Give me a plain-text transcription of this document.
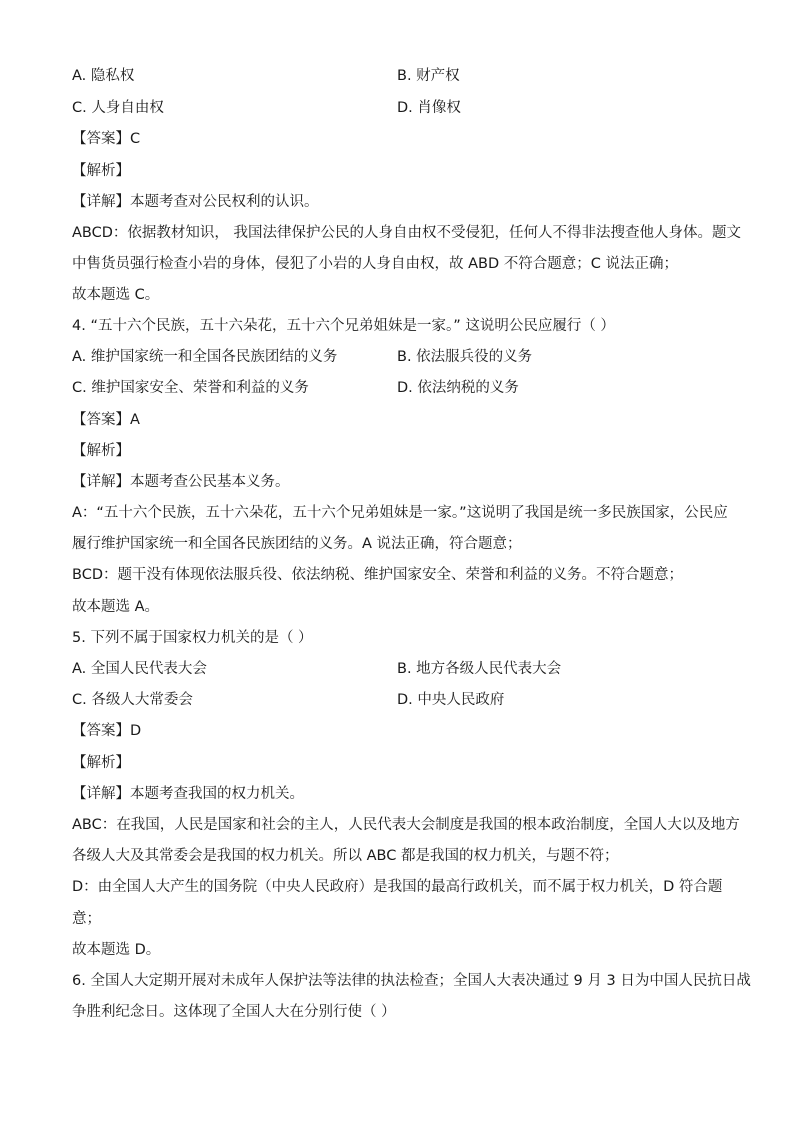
A. 隐私权	B. 财产权
C. 人身自由权	D. 肖像权
【答案】C
【解析】
【详解】本题考查对公民权利的认识。
ABCD：依据教材知识， 我国法律保护公民的人身自由权不受侵犯，任何人不得非法搜查他人身体。题文
中售货员强行检查小岩的身体，侵犯了小岩的人身自由权，故 ABD 不符合题意；C 说法正确；
故本题选 C。
4. “五十六个民族，五十六朵花，五十六个兄弟姐妹是一家。” 这说明公民应履行（ ）
A. 维护国家统一和全国各民族团结的义务	B. 依法服兵役的义务
C. 维护国家安全、荣誉和利益的义务	D. 依法纳税的义务
【答案】A
【解析】
【详解】本题考查公民基本义务。
A：“五十六个民族，五十六朵花，五十六个兄弟姐妹是一家。”这说明了我国是统一多民族国家，公民应
履行维护国家统一和全国各民族团结的义务。A 说法正确，符合题意；
BCD：题干没有体现依法服兵役、依法纳税、维护国家安全、荣誉和利益的义务。不符合题意；
故本题选 A。
5. 下列不属于国家权力机关的是（ ）
A. 全国人民代表大会	B. 地方各级人民代表大会
C. 各级人大常委会	D. 中央人民政府
【答案】D
【解析】
【详解】本题考查我国的权力机关。
ABC：在我国，人民是国家和社会的主人，人民代表大会制度是我国的根本政治制度，全国人大以及地方
各级人大及其常委会是我国的权力机关。所以 ABC 都是我国的权力机关，与题不符；
D：由全国人大产生的国务院（中央人民政府）是我国的最高行政机关，而不属于权力机关，D 符合题
意；
故本题选 D。
6. 全国人大定期开展对未成年人保护法等法律的执法检查；全国人大表决通过 9 月 3 日为中国人民抗日战
争胜利纪念日。这体现了全国人大在分别行使（ ）
